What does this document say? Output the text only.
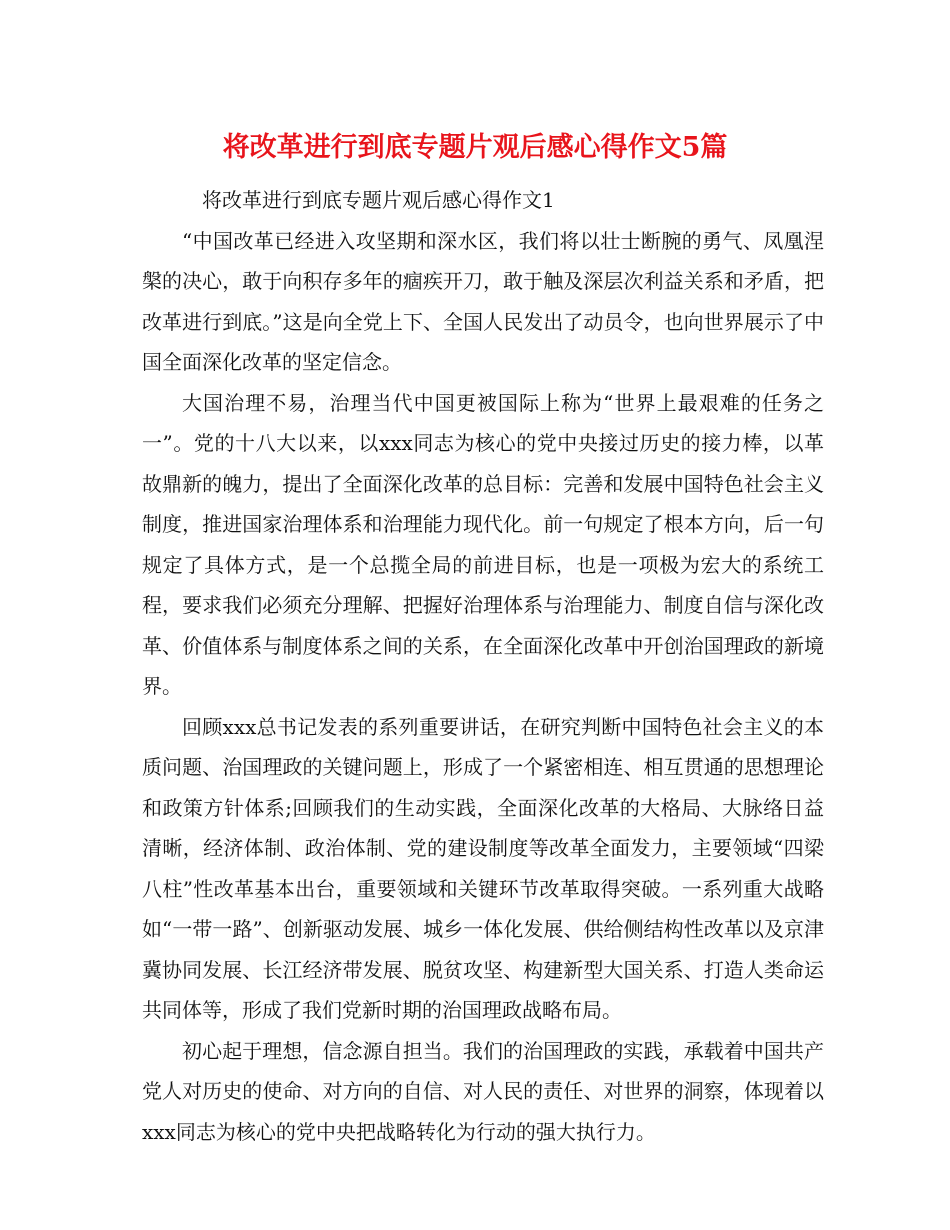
将改革进行到底专题片观后感心得作文5篇

将改革进行到底专题片观后感心得作文1

“中国改革已经进入攻坚期和深水区，我们将以壮士断腕的勇气、凤凰涅槃的决心，敢于向积存多年的痼疾开刀，敢于触及深层次利益关系和矛盾，把改革进行到底。”这是向全党上下、全国人民发出了动员令，也向世界展示了中国全面深化改革的坚定信念。

大国治理不易，治理当代中国更被国际上称为“世界上最艰难的任务之一”。党的十八大以来，以xxx同志为核心的党中央接过历史的接力棒，以革故鼎新的魄力，提出了全面深化改革的总目标：完善和发展中国特色社会主义制度，推进国家治理体系和治理能力现代化。前一句规定了根本方向，后一句规定了具体方式，是一个总揽全局的前进目标，也是一项极为宏大的系统工程，要求我们必须充分理解、把握好治理体系与治理能力、制度自信与深化改革、价值体系与制度体系之间的关系，在全面深化改革中开创治国理政的新境界。

回顾xxx总书记发表的系列重要讲话，在研究判断中国特色社会主义的本质问题、治国理政的关键问题上，形成了一个紧密相连、相互贯通的思想理论和政策方针体系;回顾我们的生动实践，全面深化改革的大格局、大脉络日益清晰，经济体制、政治体制、党的建设制度等改革全面发力，主要领域“四梁八柱”性改革基本出台，重要领域和关键环节改革取得突破。一系列重大战略如“一带一路”、创新驱动发展、城乡一体化发展、供给侧结构性改革以及京津冀协同发展、长江经济带发展、脱贫攻坚、构建新型大国关系、打造人类命运共同体等，形成了我们党新时期的治国理政战略布局。

初心起于理想，信念源自担当。我们的治国理政的实践，承载着中国共产党人对历史的使命、对方向的自信、对人民的责任、对世界的洞察，体现着以xxx同志为核心的党中央把战略转化为行动的强大执行力。
